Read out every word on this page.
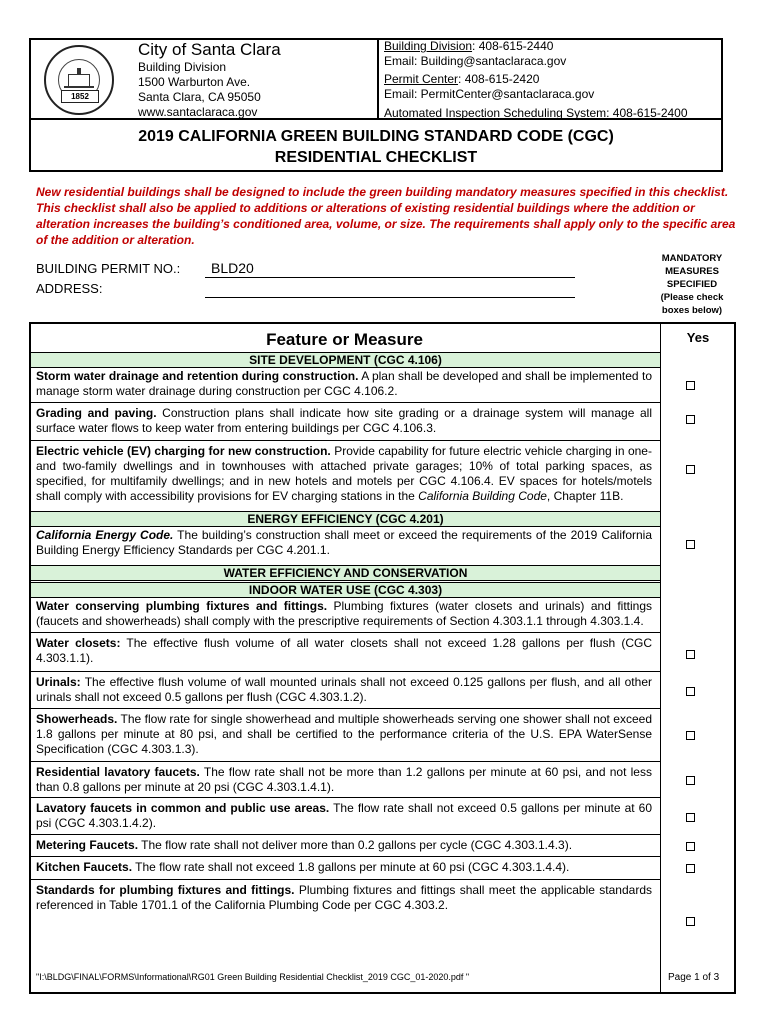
1852
City of Santa Clara
Building Division
1500 Warburton Ave.
Santa Clara, CA 95050
www.santaclaraca.gov
Building Division: 408-615-2440
Email: Building@santaclaraca.gov
Permit Center: 408-615-2420
Email: PermitCenter@santaclaraca.gov
Automated Inspection Scheduling System: 408-615-2400
2019 CALIFORNIA GREEN BUILDING STANDARD CODE (CGC)
RESIDENTIAL CHECKLIST
New residential buildings shall be designed to include the green building mandatory measures specified in this checklist. This checklist shall also be applied to additions or alterations of existing residential buildings where the addition or alteration increases the building’s conditioned area, volume, or size. The requirements shall apply only to the specific area of the addition or alteration.
BUILDING PERMIT NO.: BLD20
ADDRESS:
MANDATORY
MEASURES
SPECIFIED
(Please check
boxes below)
Feature or Measure	Yes
SITE DEVELOPMENT (CGC 4.106)
Storm water drainage and retention during construction. A plan shall be developed and shall be implemented to manage storm water drainage during construction per CGC 4.106.2.
Grading and paving. Construction plans shall indicate how site grading or a drainage system will manage all surface water flows to keep water from entering buildings per CGC 4.106.3.
Electric vehicle (EV) charging for new construction. Provide capability for future electric vehicle charging in one- and two-family dwellings and in townhouses with attached private garages; 10% of total parking spaces, as specified, for multifamily dwellings; and in new hotels and motels per CGC 4.106.4. EV spaces for hotels/motels shall comply with accessibility provisions for EV charging stations in the California Building Code, Chapter 11B.
ENERGY EFFICIENCY (CGC 4.201)
California Energy Code. The building’s construction shall meet or exceed the requirements of the 2019 California Building Energy Efficiency Standards per CGC 4.201.1.
WATER EFFICIENCY AND CONSERVATION
INDOOR WATER USE (CGC 4.303)
Water conserving plumbing fixtures and fittings. Plumbing fixtures (water closets and urinals) and fittings (faucets and showerheads) shall comply with the prescriptive requirements of Section 4.303.1.1 through 4.303.1.4.
Water closets: The effective flush volume of all water closets shall not exceed 1.28 gallons per flush (CGC 4.303.1.1).
Urinals: The effective flush volume of wall mounted urinals shall not exceed 0.125 gallons per flush, and all other urinals shall not exceed 0.5 gallons per flush (CGC 4.303.1.2).
Showerheads. The flow rate for single showerhead and multiple showerheads serving one shower shall not exceed 1.8 gallons per minute at 80 psi, and shall be certified to the performance criteria of the U.S. EPA WaterSense Specification (CGC 4.303.1.3).
Residential lavatory faucets. The flow rate shall not be more than 1.2 gallons per minute at 60 psi, and not less than 0.8 gallons per minute at 20 psi (CGC 4.303.1.4.1).
Lavatory faucets in common and public use areas. The flow rate shall not exceed 0.5 gallons per minute at 60 psi (CGC 4.303.1.4.2).
Metering Faucets. The flow rate shall not deliver more than 0.2 gallons per cycle (CGC 4.303.1.4.3).
Kitchen Faucets. The flow rate shall not exceed 1.8 gallons per minute at 60 psi (CGC 4.303.1.4.4).
Standards for plumbing fixtures and fittings. Plumbing fixtures and fittings shall meet the applicable standards referenced in Table 1701.1 of the California Plumbing Code per CGC 4.303.2.
"I:\BLDG\FINAL\FORMS\Informational\RG01 Green Building Residential Checklist_2019 CGC_01-2020.pdf "	Page 1 of 3
